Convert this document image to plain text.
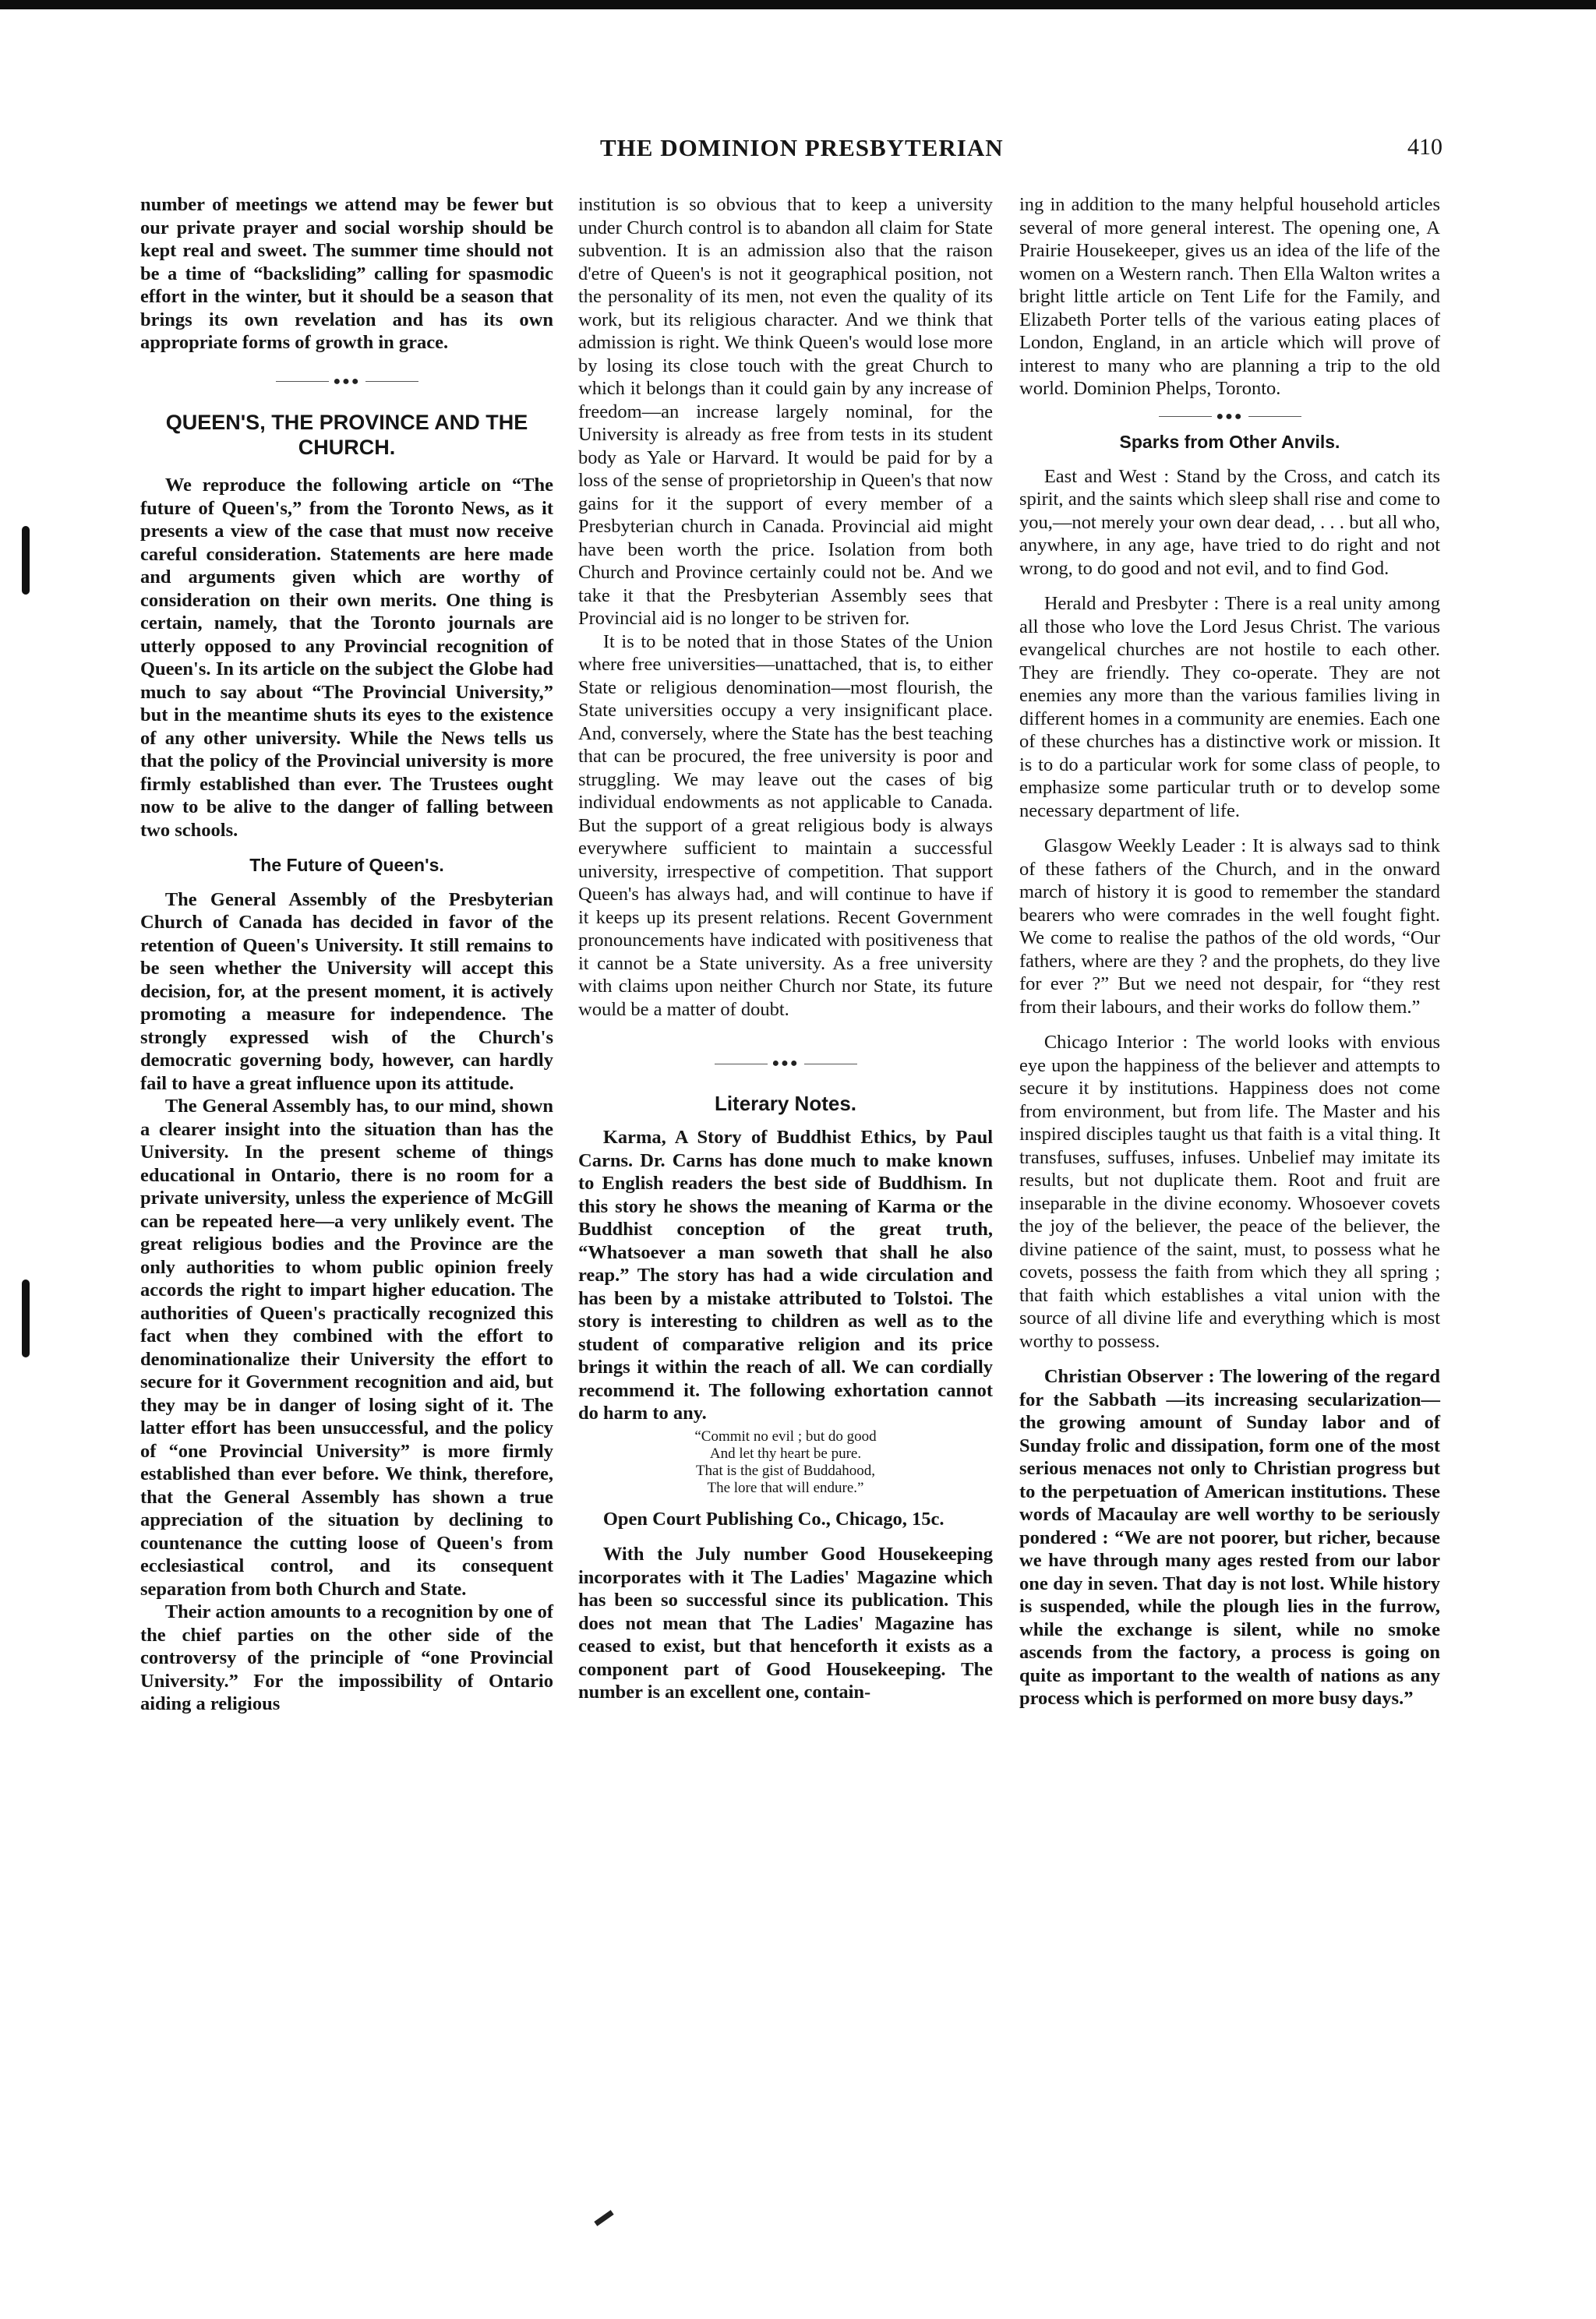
THE DOMINION PRESBYTERIAN	410

number of meetings we attend may be fewer but our private prayer and social worship should be kept real and sweet. The summer time should not be a time of “backsliding” calling for spasmodic effort in the winter, but it should be a season that brings its own revelation and has its own appropriate forms of growth in grace.

●●●
QUEEN'S, THE PROVINCE AND THE CHURCH.

We reproduce the following article on “The future of Queen's,” from the Toronto News, as it presents a view of the case that must now receive careful consideration. Statements are here made and arguments given which are worthy of consideration on their own merits. One thing is certain, namely, that the Toronto journals are utterly opposed to any Provincial recognition of Queen's. In its article on the subject the Globe had much to say about “The Provincial University,” but in the meantime shuts its eyes to the existence of any other university. While the News tells us that the policy of the Provincial university is more firmly established than ever. The Trustees ought now to be alive to the danger of falling between two schools.

The Future of Queen's.

The General Assembly of the Presbyterian Church of Canada has decided in favor of the retention of Queen's University. It still remains to be seen whether the University will accept this decision, for, at the present moment, it is actively promoting a measure for independence. The strongly expressed wish of the Church's democratic governing body, however, can hardly fail to have a great influence upon its attitude.

The General Assembly has, to our mind, shown a clearer insight into the situation than has the University. In the present scheme of things educational in Ontario, there is no room for a private university, unless the experience of McGill can be repeated here—a very unlikely event. The great religious bodies and the Province are the only authorities to whom public opinion freely accords the right to impart higher education. The authorities of Queen's practically recognized this fact when they combined with the effort to denominationalize their University the effort to secure for it Government recognition and aid, but they may be in danger of losing sight of it. The latter effort has been unsuccessful, and the policy of “one Provincial University” is more firmly established than ever before. We think, therefore, that the General Assembly has shown a true appreciation of the situation by declining to countenance the cutting loose of Queen's from ecclesiastical control, and its consequent separation from both Church and State.

Their action amounts to a recognition by one of the chief parties on the other side of the controversy of the principle of “one Provincial University.” For the impossibility of Ontario aiding a religious

institution is so obvious that to keep a university under Church control is to abandon all claim for State subvention. It is an admission also that the raison d'etre of Queen's is not it geographical position, not the personality of its men, not even the quality of its work, but its religious character. And we think that admission is right. We think Queen's would lose more by losing its close touch with the great Church to which it belongs than it could gain by any increase of freedom—an increase largely nominal, for the University is already as free from tests in its student body as Yale or Harvard. It would be paid for by a loss of the sense of proprietorship in Queen's that now gains for it the support of every member of a Presbyterian church in Canada. Provincial aid might have been worth the price. Isolation from both Church and Province certainly could not be. And we take it that the Presbyterian Assembly sees that Provincial aid is no longer to be striven for.

It is to be noted that in those States of the Union where free universities—unattached, that is, to either State or religious denomination—most flourish, the State universities occupy a very insignificant place. And, conversely, where the State has the best teaching that can be procured, the free university is poor and struggling. We may leave out the cases of big individual endowments as not applicable to Canada. But the support of a great religious body is always everywhere sufficient to maintain a successful university, irrespective of competition. That support Queen's has always had, and will continue to have if it keeps up its present relations. Recent Government pronouncements have indicated with positiveness that it cannot be a State university. As a free university with claims upon neither Church nor State, its future would be a matter of doubt.

●●●
Literary Notes.

Karma, A Story of Buddhist Ethics, by Paul Carns. Dr. Carns has done much to make known to English readers the best side of Buddhism. In this story he shows the meaning of Karma or the Buddhist conception of the great truth, “Whatsoever a man soweth that shall he also reap.” The story has had a wide circulation and has been by a mistake attributed to Tolstoi. The story is interesting to children as well as to the student of comparative religion and its price brings it within the reach of all. We can cordially recommend it. The following exhortation cannot do harm to any.

“Commit no evil ; but do good
And let thy heart be pure.
That is the gist of Buddahood,
The lore that will endure.”

Open Court Publishing Co., Chicago, 15c.

With the July number Good Housekeeping incorporates with it The Ladies' Magazine which has been so successful since its publication. This does not mean that The Ladies' Magazine has ceased to exist, but that henceforth it exists as a component part of Good Housekeeping. The number is an excellent one, contain-

ing in addition to the many helpful household articles several of more general interest. The opening one, A Prairie Housekeeper, gives us an idea of the life of the women on a Western ranch. Then Ella Walton writes a bright little article on Tent Life for the Family, and Elizabeth Porter tells of the various eating places of London, England, in an article which will prove of interest to many who are planning a trip to the old world. Dominion Phelps, Toronto.

●●●
Sparks from Other Anvils.

East and West : Stand by the Cross, and catch its spirit, and the saints which sleep shall rise and come to you,—not merely your own dear dead, . . . but all who, anywhere, in any age, have tried to do right and not wrong, to do good and not evil, and to find God.

Herald and Presbyter : There is a real unity among all those who love the Lord Jesus Christ. The various evangelical churches are not hostile to each other. They are friendly. They co-operate. They are not enemies any more than the various families living in different homes in a community are enemies. Each one of these churches has a distinctive work or mission. It is to do a particular work for some class of people, to emphasize some particular truth or to develop some necessary department of life.

Glasgow Weekly Leader : It is always sad to think of these fathers of the Church, and in the onward march of history it is good to remember the standard bearers who were comrades in the well fought fight. We come to realise the pathos of the old words, “Our fathers, where are they ? and the prophets, do they live for ever ?” But we need not despair, for “they rest from their labours, and their works do follow them.”

Chicago Interior : The world looks with envious eye upon the happiness of the believer and attempts to secure it by institutions. Happiness does not come from environment, but from life. The Master and his inspired disciples taught us that faith is a vital thing. It transfuses, suffuses, infuses. Unbelief may imitate its results, but not duplicate them. Root and fruit are inseparable in the divine economy. Whosoever covets the joy of the believer, the peace of the believer, the divine patience of the saint, must, to possess what he covets, possess the faith from which they all spring ; that faith which establishes a vital union with the source of all divine life and everything which is most worthy to possess.

Christian Observer : The lowering of the regard for the Sabbath —its increasing secularization—the growing amount of Sunday labor and of Sunday frolic and dissipation, form one of the most serious menaces not only to Christian progress but to the perpetuation of American institutions. These words of Macaulay are well worthy to be seriously pondered : “We are not poorer, but richer, because we have through many ages rested from our labor one day in seven. That day is not lost. While history is suspended, while the plough lies in the furrow, while the exchange is silent, while no smoke ascends from the factory, a process is going on quite as important to the wealth of nations as any process which is performed on more busy days.”
